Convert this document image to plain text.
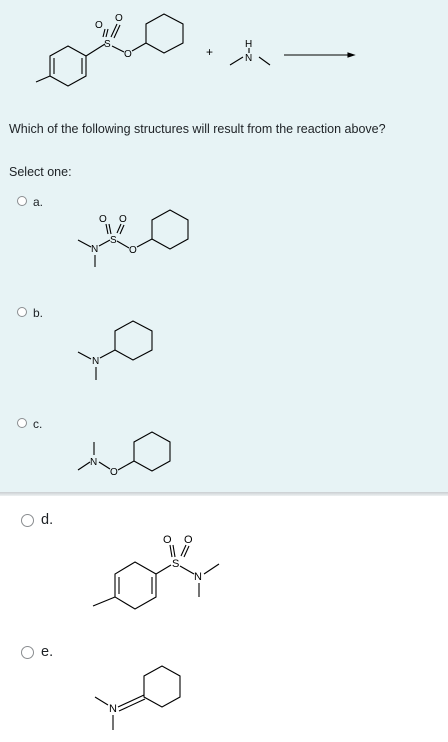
S
O
O
O	+	N
H
Which of the following structures will result from the reaction above?
Select one:
a.
N
S
O O
O
b.
N
c.
N
O
d.
S
O O
N
e.
N
